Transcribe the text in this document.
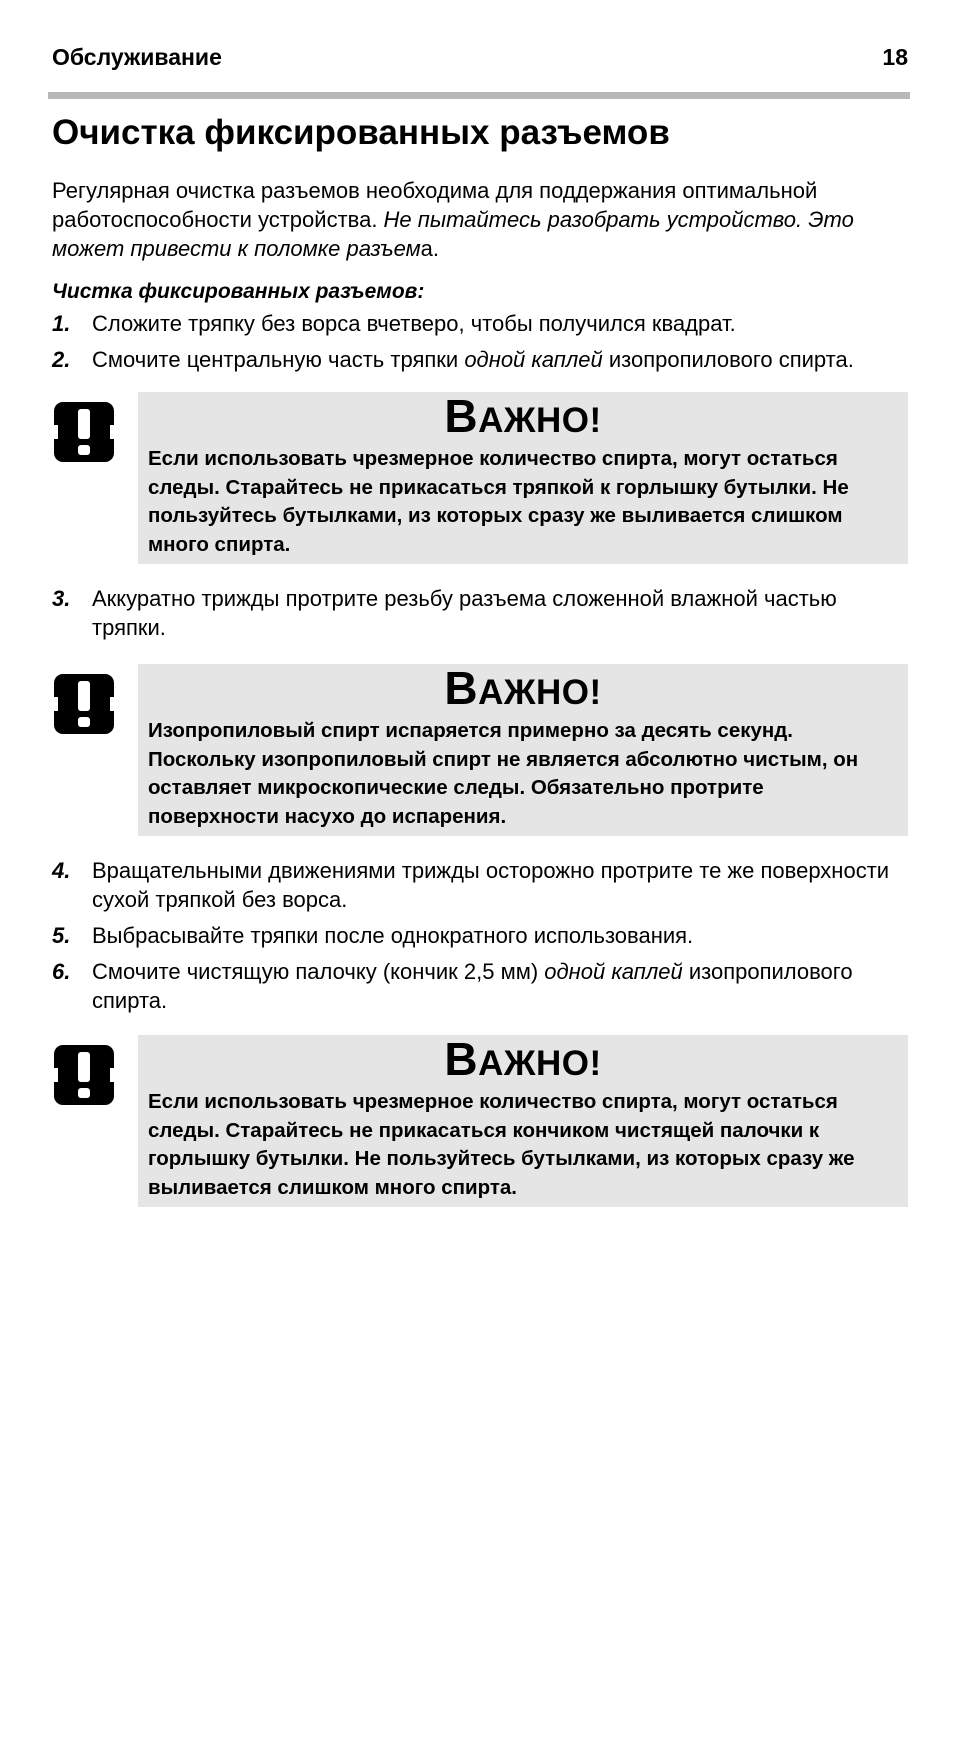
Обслуживание	18
Очистка фиксированных разъемов

Регулярная очистка разъемов необходима для поддержания оптимальной работоспособности устройства. Не пытайтесь разобрать устройство. Это может привести к поломке разъема.

Чистка фиксированных разъемов:
1. Сложите тряпку без ворса вчетверо, чтобы получился квадрат.
2. Смочите центральную часть тряпки одной каплей изопропилового спирта.
ВАЖНО!
Если использовать чрезмерное количество спирта, могут остаться следы. Старайтесь не прикасаться тряпкой к горлышку бутылки. Не пользуйтесь бутылками, из которых сразу же выливается слишком много спирта.
3. Аккуратно трижды протрите резьбу разъема сложенной влажной частью тряпки.
ВАЖНО!
Изопропиловый спирт испаряется примерно за десять секунд. Поскольку изопропиловый спирт не является абсолютно чистым, он оставляет микроскопические следы. Обязательно протрите поверхности насухо до испарения.
4. Вращательными движениями трижды осторожно протрите те же поверхности сухой тряпкой без ворса.
5. Выбрасывайте тряпки после однократного использования.
6. Смочите чистящую палочку (кончик 2,5 мм) одной каплей изопропилового спирта.
ВАЖНО!
Если использовать чрезмерное количество спирта, могут остаться следы. Старайтесь не прикасаться кончиком чистящей палочки к горлышку бутылки. Не пользуйтесь бутылками, из которых сразу же выливается слишком много спирта.
